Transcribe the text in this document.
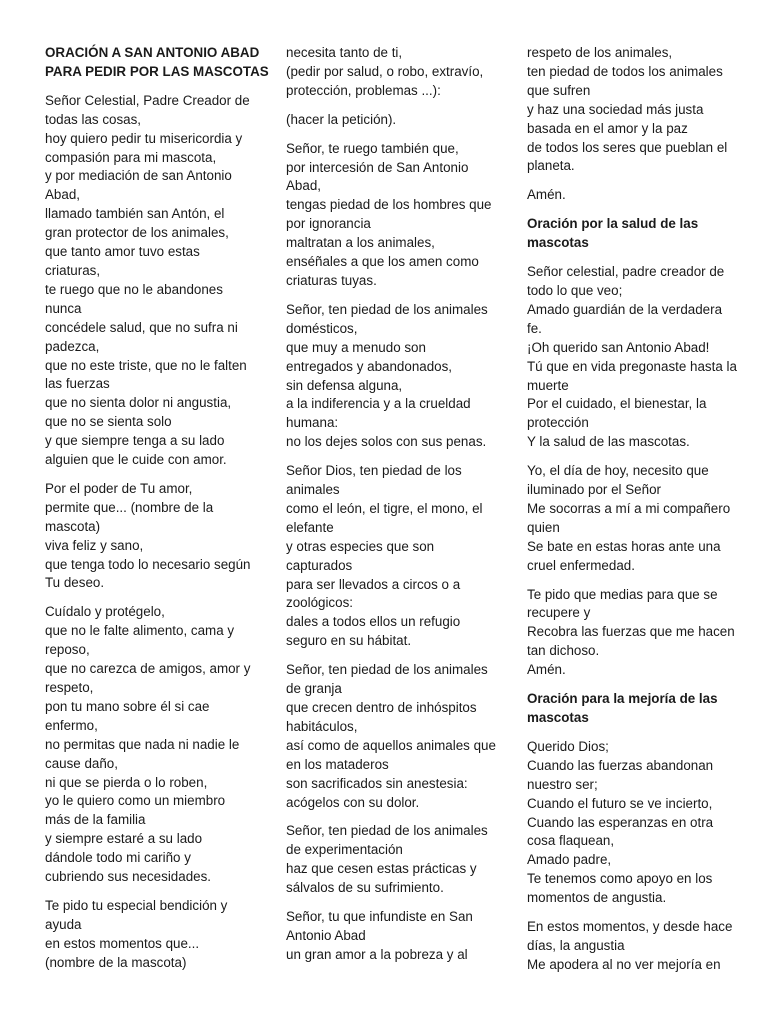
ORACIÓN A SAN ANTONIO ABAD
PARA PEDIR POR LAS MASCOTAS
Señor Celestial, Padre Creador de
todas las cosas,
hoy quiero pedir tu misericordia y
compasión para mi mascota,
y por mediación de san Antonio
Abad,
llamado también san Antón, el
gran protector de los animales,
que tanto amor tuvo estas
criaturas,
te ruego que no le abandones
nunca
concédele salud, que no sufra ni
padezca,
que no este triste, que no le falten
las fuerzas
que no sienta dolor ni angustia,
que no se sienta solo
y que siempre tenga a su lado
alguien que le cuide con amor.
Por el poder de Tu amor,
permite que... (nombre de la
mascota)
viva feliz y sano,
que tenga todo lo necesario según
Tu deseo.
Cuídalo y protégelo,
que no le falte alimento, cama y
reposo,
que no carezca de amigos, amor y
respeto,
pon tu mano sobre él si cae
enfermo,
no permitas que nada ni nadie le
cause daño,
ni que se pierda o lo roben,
yo le quiero como un miembro
más de la familia
y siempre estaré a su lado
dándole todo mi cariño y
cubriendo sus necesidades.
Te pido tu especial bendición y
ayuda
en estos momentos que...
(nombre de la mascota)
necesita tanto de ti,
(pedir por salud, o robo, extravío,
protección, problemas ...):
(hacer la petición).
Señor, te ruego también que,
por intercesión de San Antonio
Abad,
tengas piedad de los hombres que
por ignorancia
maltratan a los animales,
enséñales a que los amen como
criaturas tuyas.
Señor, ten piedad de los animales
domésticos,
que muy a menudo son
entregados y abandonados,
sin defensa alguna,
a la indiferencia y a la crueldad
humana:
no los dejes solos con sus penas.
Señor Dios, ten piedad de los
animales
como el león, el tigre, el mono, el
elefante
y otras especies que son
capturados
para ser llevados a circos o a
zoológicos:
dales a todos ellos un refugio
seguro en su hábitat.
Señor, ten piedad de los animales
de granja
que crecen dentro de inhóspitos
habitáculos,
así como de aquellos animales que
en los mataderos
son sacrificados sin anestesia:
acógelos con su dolor.
Señor, ten piedad de los animales
de experimentación
haz que cesen estas prácticas y
sálvalos de su sufrimiento.
Señor, tu que infundiste en San
Antonio Abad
un gran amor a la pobreza y al
respeto de los animales,
ten piedad de todos los animales
que sufren
y haz una sociedad más justa
basada en el amor y la paz
de todos los seres que pueblan el
planeta.
Amén.
Oración por la salud de las
mascotas
Señor celestial, padre creador de
todo lo que veo;
Amado guardián de la verdadera
fe.
¡Oh querido san Antonio Abad!
Tú que en vida pregonaste hasta la
muerte
Por el cuidado, el bienestar, la
protección
Y la salud de las mascotas.
Yo, el día de hoy, necesito que
iluminado por el Señor
Me socorras a mí a mi compañero
quien
Se bate en estas horas ante una
cruel enfermedad.
Te pido que medias para que se
recupere y
Recobra las fuerzas que me hacen
tan dichoso.
Amén.
Oración para la mejoría de las
mascotas
Querido Dios;
Cuando las fuerzas abandonan
nuestro ser;
Cuando el futuro se ve incierto,
Cuando las esperanzas en otra
cosa flaquean,
Amado padre,
Te tenemos como apoyo en los
momentos de angustia.
En estos momentos, y desde hace
días, la angustia
Me apodera al no ver mejoría en
